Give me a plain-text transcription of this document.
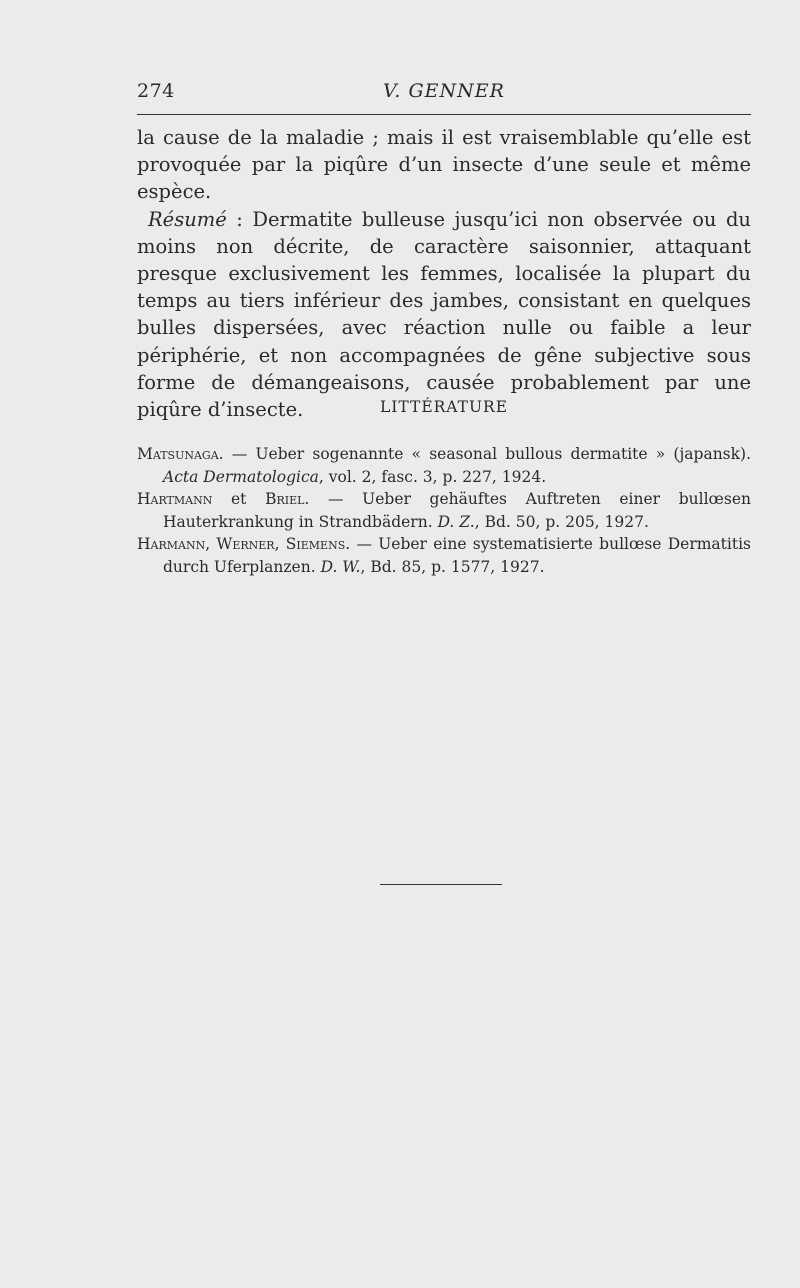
274	V. GENNER

la cause de la maladie ; mais il est vraisemblable qu’elle est provoquée par la piqûre d’un insecte d’une seule et même espèce.

Résumé : Dermatite bulleuse jusqu’ici non observée ou du moins non décrite, de caractère saisonnier, attaquant presque exclusivement les femmes, localisée la plupart du temps au tiers inférieur des jambes, consistant en quelques bulles dispersées, avec réaction nulle ou faible a leur périphérie, et non accompagnées de gêne subjective sous forme de démangeaisons, causée probablement par une piqûre d’insecte.	LITTÉRATURE

Matsunaga. — Ueber sogenannte « seasonal bullous dermatite » (japansk). Acta Dermatologica, vol. 2, fasc. 3, p. 227, 1924.

Hartmann et Briel. — Ueber gehäuftes Auftreten einer bullœsen Hauterkrankung in Strandbädern. D. Z., Bd. 50, p. 205, 1927.

Harmann, Werner, Siemens. — Ueber eine systematisierte bullœse Dermatitis durch Uferplanzen. D. W., Bd. 85, p. 1577, 1927.
